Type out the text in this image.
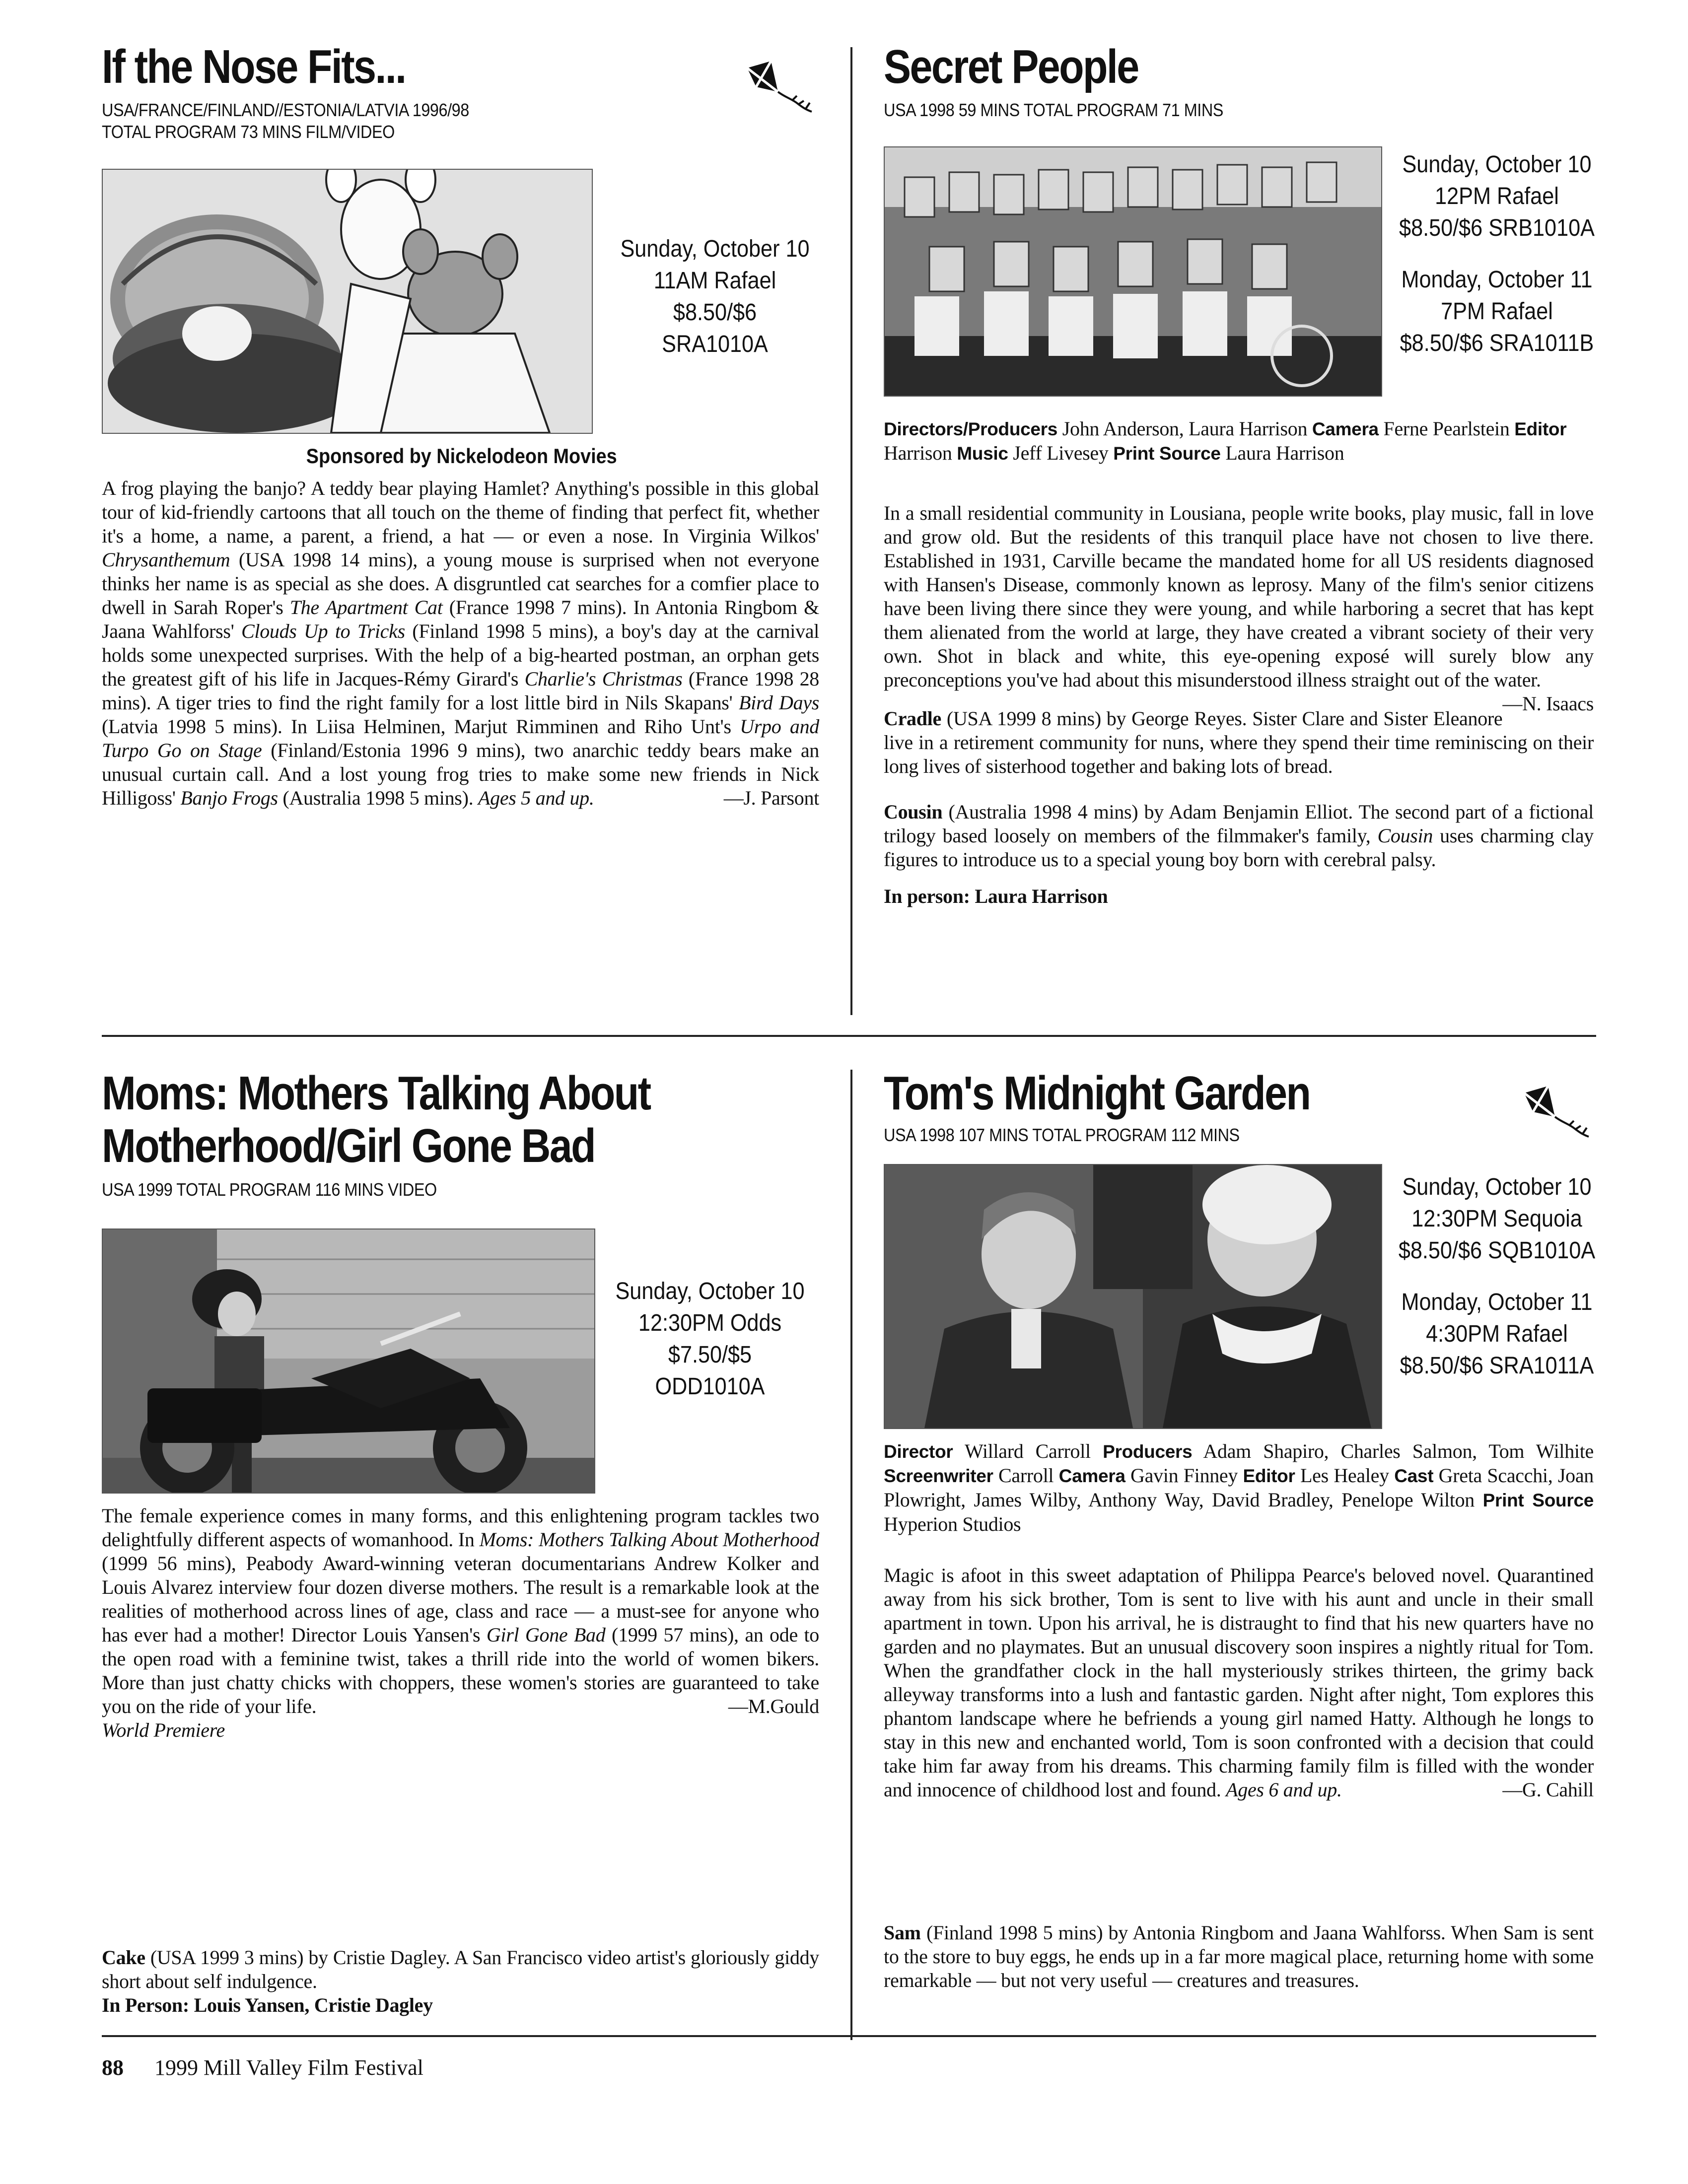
If the Nose Fits...
USA/FRANCE/FINLAND//ESTONIA/LATVIA 1996/98
TOTAL PROGRAM 73 MINS FILM/VIDEO

Sunday, October 10

11AM Rafael

$8.50/$6

SRA1010A

Sponsored by Nickelodeon Movies

A frog playing the banjo? A teddy bear playing Hamlet? Anything's possible in this global tour of kid-friendly cartoons that all touch on the theme of finding that perfect fit, whether it's a home, a name, a parent, a friend, a hat — or even a nose. In Virginia Wilkos' Chrysanthemum (USA 1998 14 mins), a young mouse is surprised when not everyone thinks her name is as special as she does. A disgruntled cat searches for a comfier place to dwell in Sarah Roper's The Apartment Cat (France 1998 7 mins). In Antonia Ringbom & Jaana Wahlforss' Clouds Up to Tricks (Finland 1998 5 mins), a boy's day at the carnival holds some unexpected surprises. With the help of a big-hearted postman, an orphan gets the greatest gift of his life in Jacques-Rémy Girard's Charlie's Christmas (France 1998 28 mins). A tiger tries to find the right family for a lost little bird in Nils Skapans' Bird Days (Latvia 1998 5 mins). In Liisa Helminen, Marjut Rimminen and Riho Unt's Urpo and Turpo Go on Stage (Finland/Estonia 1996 9 mins), two anarchic teddy bears make an unusual curtain call. And a lost young frog tries to make some new friends in Nick Hilligoss' Banjo Frogs (Australia 1998 5 mins). Ages 5 and up.	—J. Parsont

Secret People
USA 1998 59 MINS TOTAL PROGRAM 71 MINS

Sunday, October 10

12PM Rafael

$8.50/$6 SRB1010A

Monday, October 11

7PM Rafael

$8.50/$6 SRA1011B

Directors/Producers John Anderson, Laura Harrison Camera Ferne Pearlstein Editor Harrison Music Jeff Livesey Print Source Laura Harrison

In a small residential community in Lousiana, people write books, play music, fall in love and grow old. But the residents of this tranquil place have not chosen to live there. Established in 1931, Carville became the mandated home for all US residents diagnosed with Hansen's Disease, commonly known as leprosy. Many of the film's senior citizens have been living there since they were young, and while harboring a secret that has kept them alienated from the world at large, they have created a vibrant society of their very own. Shot in black and white, this eye-opening exposé will surely blow any preconceptions you've had about this misunderstood illness straight out of the water.
—N. Isaacs

Cradle (USA 1999 8 mins) by George Reyes. Sister Clare and Sister Eleanore live in a retirement community for nuns, where they spend their time reminiscing on their long lives of sisterhood together and baking lots of bread.

Cousin (Australia 1998 4 mins) by Adam Benjamin Elliot. The second part of a fictional trilogy based loosely on members of the filmmaker's family, Cousin uses charming clay figures to introduce us to a special young boy born with cerebral palsy.

In person: Laura Harrison

Moms: Mothers Talking About
Motherhood/Girl Gone Bad
USA 1999 TOTAL PROGRAM 116 MINS VIDEO

Sunday, October 10

12:30PM Odds

$7.50/$5

ODD1010A

The female experience comes in many forms, and this enlightening program tackles two delightfully different aspects of womanhood. In Moms: Mothers Talking About Motherhood (1999 56 mins), Peabody Award-winning veteran documentarians Andrew Kolker and Louis Alvarez interview four dozen diverse mothers. The result is a remarkable look at the realities of motherhood across lines of age, class and race — a must-see for anyone who has ever had a mother! Director Louis Yansen's Girl Gone Bad (1999 57 mins), an ode to the open road with a feminine twist, takes a thrill ride into the world of women bikers. More than just chatty chicks with choppers, these women's stories are guaranteed to take you on the ride of your life.	—M.Gould

World Premiere

Cake (USA 1999 3 mins) by Cristie Dagley. A San Francisco video artist's gloriously giddy short about self indulgence.

In Person: Louis Yansen, Cristie Dagley

Tom's Midnight Garden
USA 1998 107 MINS TOTAL PROGRAM 112 MINS

Sunday, October 10

12:30PM Sequoia

$8.50/$6 SQB1010A

Monday, October 11

4:30PM Rafael

$8.50/$6 SRA1011A

Director Willard Carroll Producers Adam Shapiro, Charles Salmon, Tom Wilhite Screenwriter Carroll Camera Gavin Finney Editor Les Healey Cast Greta Scacchi, Joan Plowright, James Wilby, Anthony Way, David Bradley, Penelope Wilton Print Source Hyperion Studios

Magic is afoot in this sweet adaptation of Philippa Pearce's beloved novel. Quarantined away from his sick brother, Tom is sent to live with his aunt and uncle in their small apartment in town. Upon his arrival, he is distraught to find that his new quarters have no garden and no playmates. But an unusual discovery soon inspires a nightly ritual for Tom. When the grandfather clock in the hall mysteriously strikes thirteen, the grimy back alleyway transforms into a lush and fantastic garden. Night after night, Tom explores this phantom landscape where he befriends a young girl named Hatty. Although he longs to stay in this new and enchanted world, Tom is soon confronted with a decision that could take him far away from his dreams. This charming family film is filled with the wonder and innocence of childhood lost and found. Ages 6 and up.	—G. Cahill

Sam (Finland 1998 5 mins) by Antonia Ringbom and Jaana Wahlforss. When Sam is sent to the store to buy eggs, he ends up in a far more magical place, returning home with some remarkable — but not very useful — creatures and treasures.

88 1999 Mill Valley Film Festival
